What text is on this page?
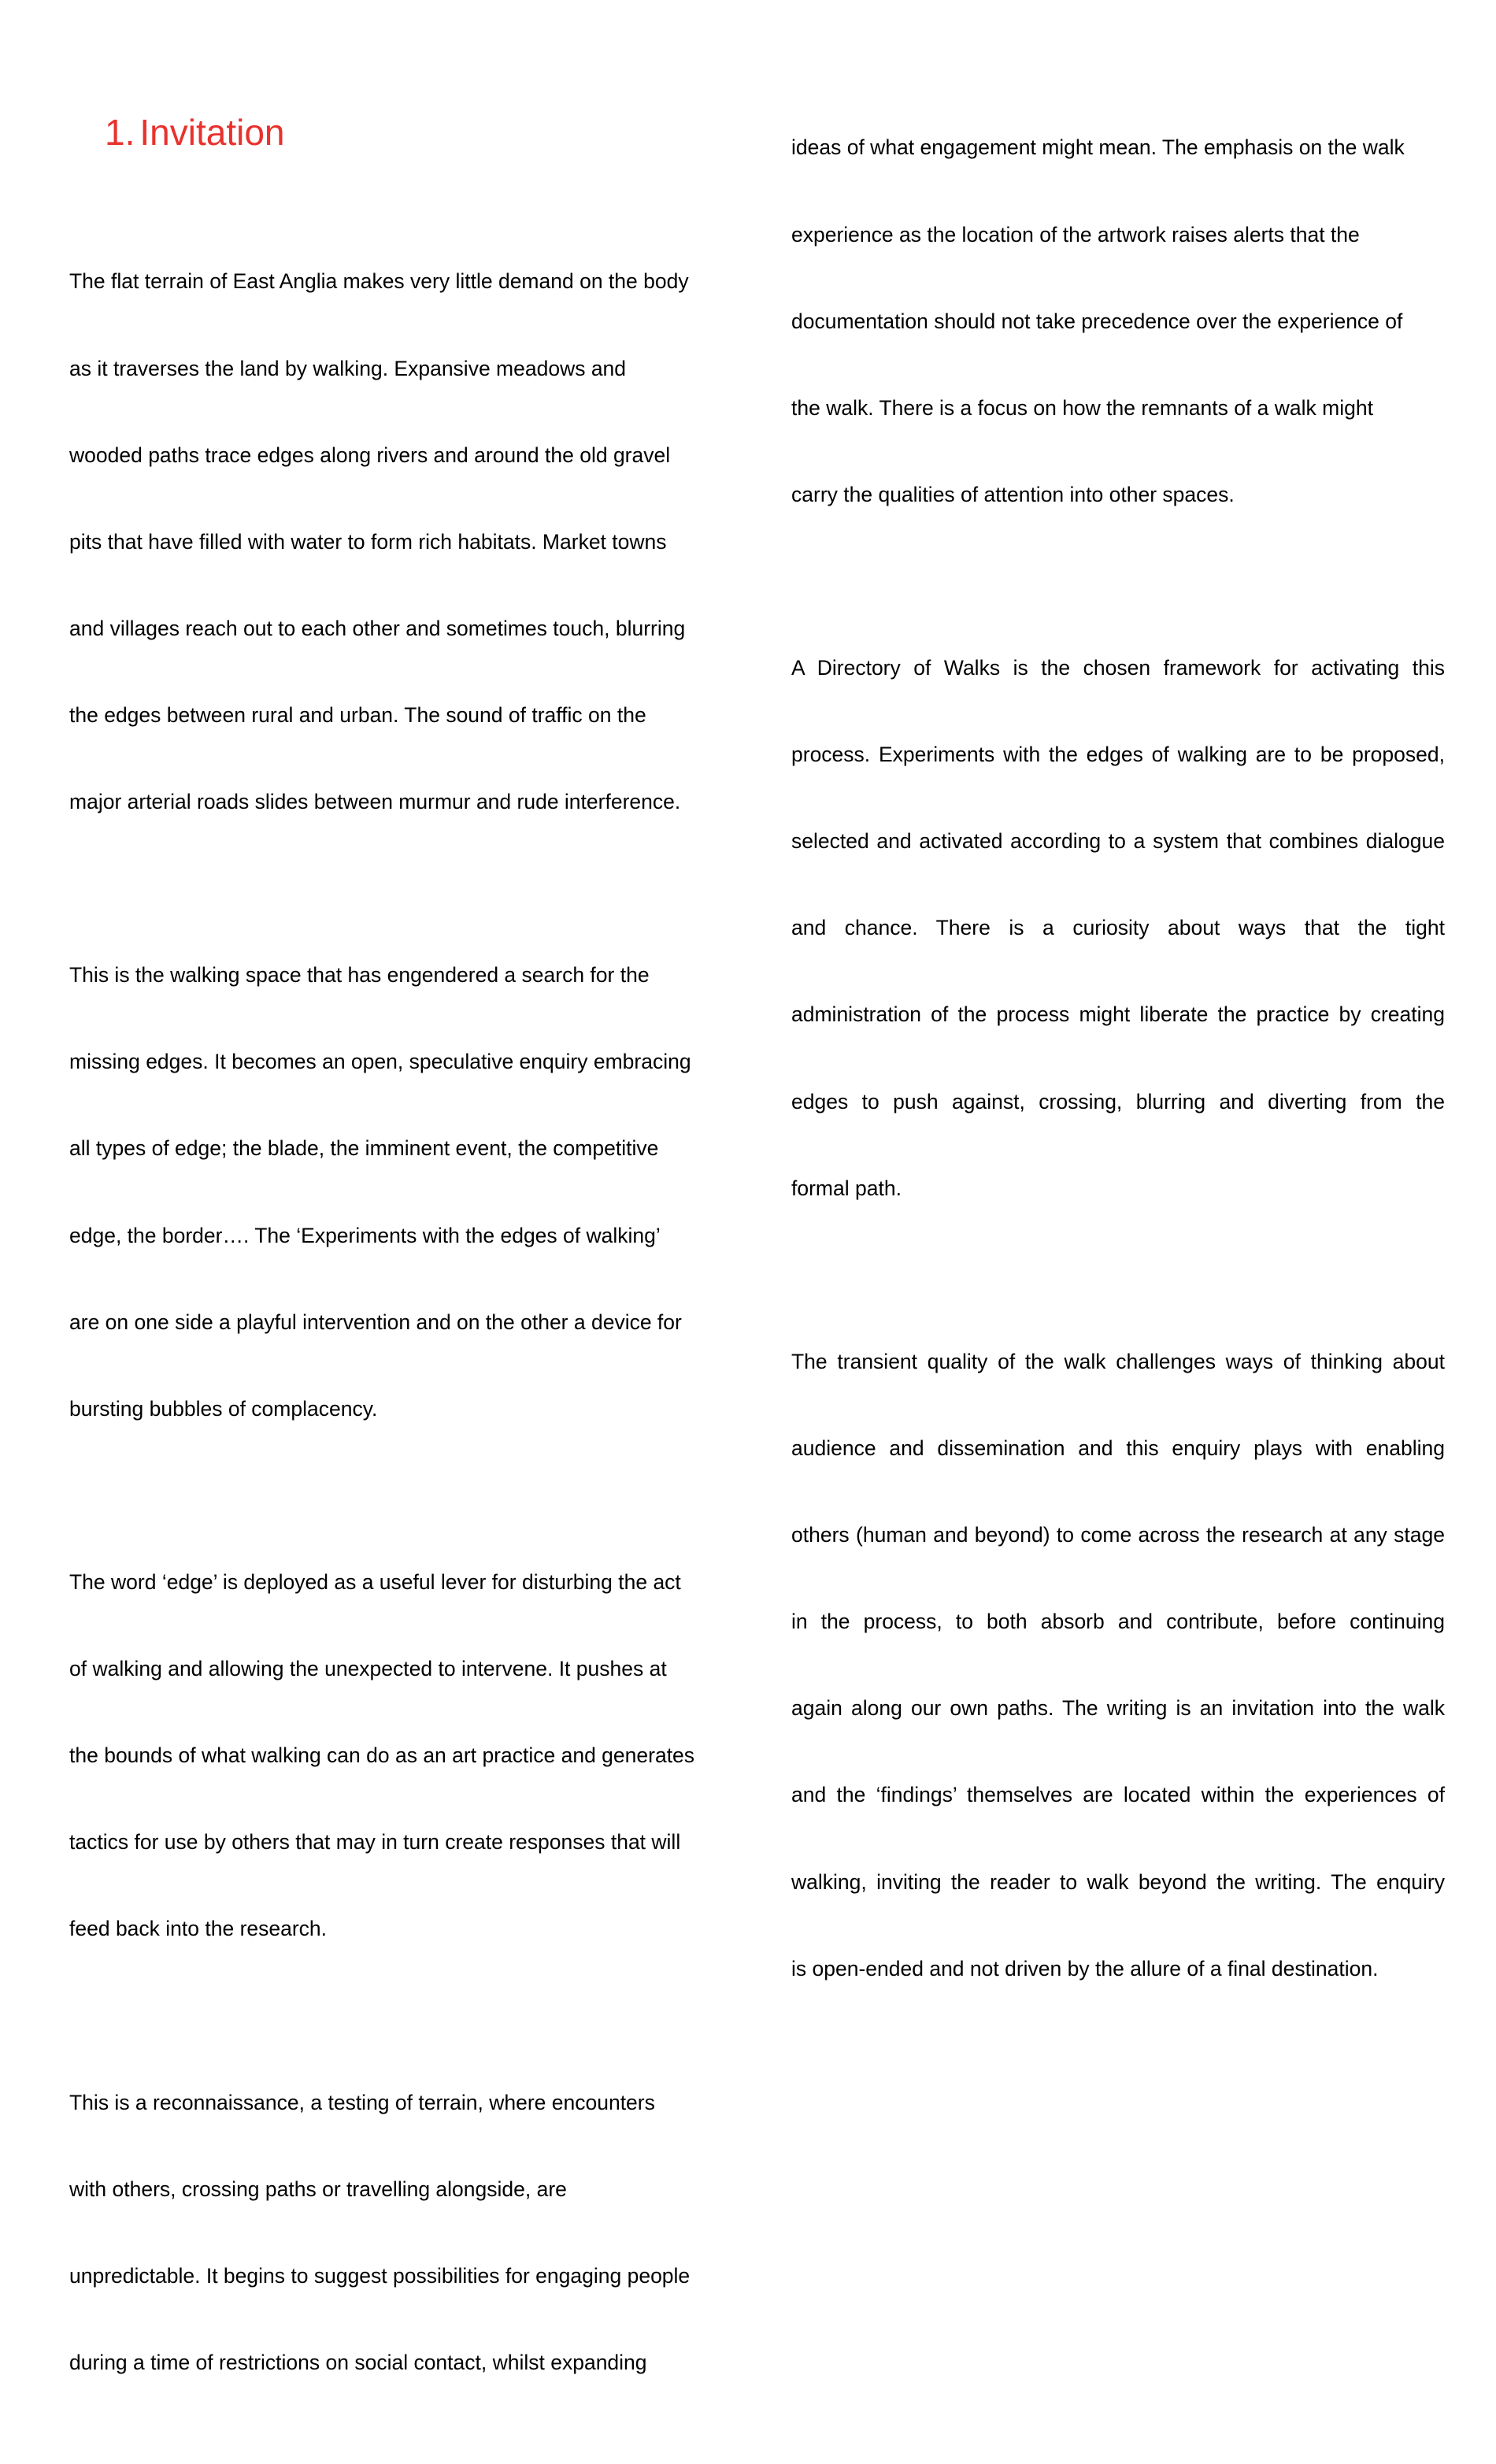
1. Invitation

The flat terrain of East Anglia makes very little demand on the body

as it traverses the land by walking. Expansive meadows and

wooded paths trace edges along rivers and around the old gravel

pits that have filled with water to form rich habitats. Market towns

and villages reach out to each other and sometimes touch, blurring

the edges between rural and urban. The sound of traffic on the

major arterial roads slides between murmur and rude interference.

This is the walking space that has engendered a search for the

missing edges. It becomes an open, speculative enquiry embracing

all types of edge; the blade, the imminent event, the competitive

edge, the border…. The ‘Experiments with the edges of walking’

are on one side a playful intervention and on the other a device for

bursting bubbles of complacency.

The word ‘edge’ is deployed as a useful lever for disturbing the act

of walking and allowing the unexpected to intervene. It pushes at

the bounds of what walking can do as an art practice and generates

tactics for use by others that may in turn create responses that will

feed back into the research.

This is a reconnaissance, a testing of terrain, where encounters

with others, crossing paths or travelling alongside, are

unpredictable. It begins to suggest possibilities for engaging people

during a time of restrictions on social contact, whilst expanding

ideas of what engagement might mean. The emphasis on the walk

experience as the location of the artwork raises alerts that the

documentation should not take precedence over the experience of

the walk. There is a focus on how the remnants of a walk might

carry the qualities of attention into other spaces.

A Directory of Walks is the chosen framework for activating this

process. Experiments with the edges of walking are to be proposed,

selected and activated according to a system that combines dialogue

and chance. There is a curiosity about ways that the tight

administration of the process might liberate the practice by creating

edges to push against, crossing, blurring and diverting from the

formal path.

The transient quality of the walk challenges ways of thinking about

audience and dissemination and this enquiry plays with enabling

others (human and beyond) to come across the research at any stage

in the process, to both absorb and contribute, before continuing

again along our own paths. The writing is an invitation into the walk

and the ‘findings’ themselves are located within the experiences of

walking, inviting the reader to walk beyond the writing. The enquiry

is open-ended and not driven by the allure of a final destination.
